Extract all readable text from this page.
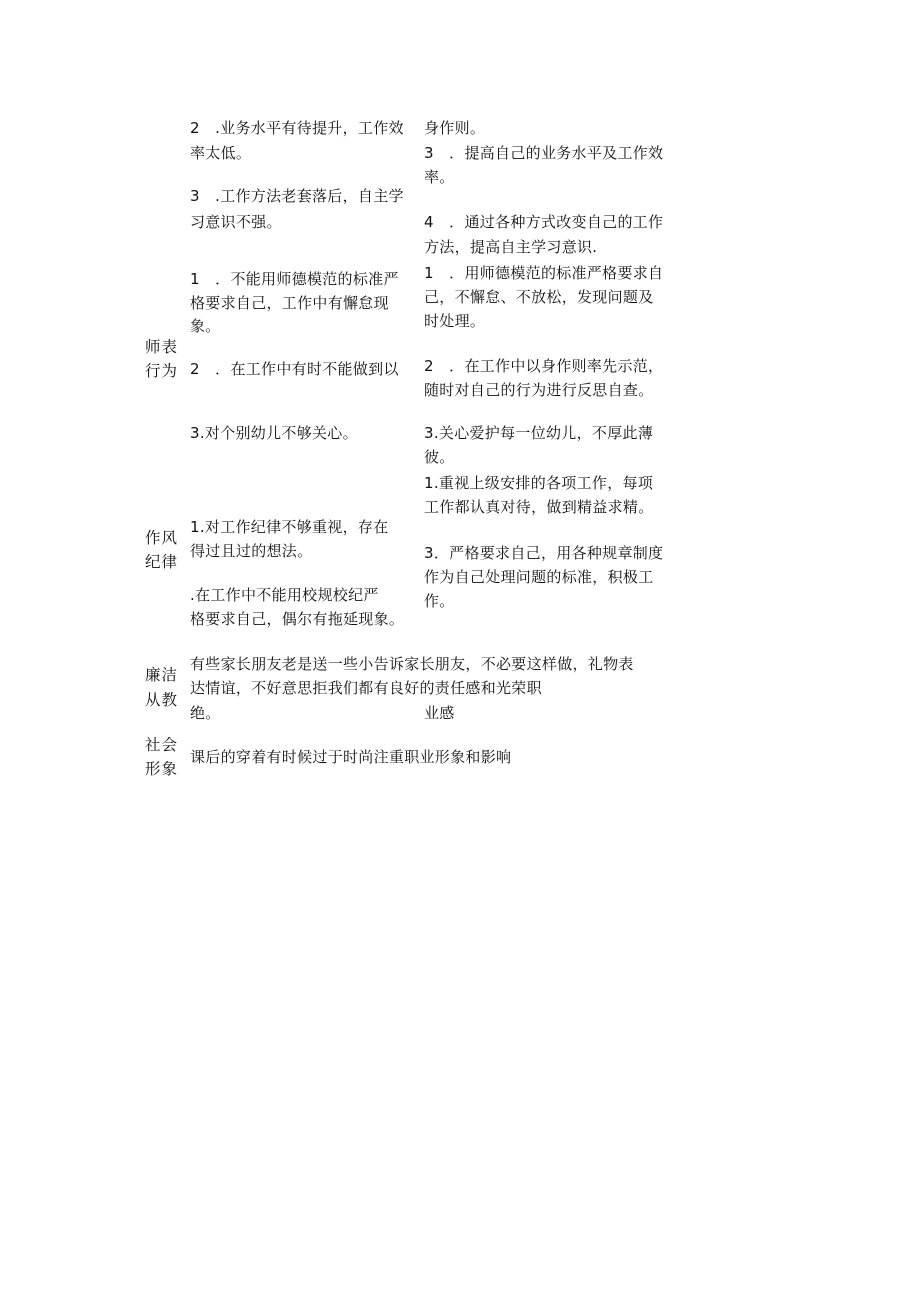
2　.业务水平有待提升，工作效
率太低。
3　.工作方法老套落后，自主学
习意识不强。
身作则。
3　．提高自己的业务水平及工作效
率。
4　．通过各种方式改变自己的工作
方法，提高自主学习意识.
师表
行为
1　．不能用师德模范的标准严
格要求自己，工作中有懈怠现
象。
2　．在工作中有时不能做到以
3.对个别幼儿不够关心。
1　．用师德模范的标准严格要求自
己，不懈怠、不放松，发现问题及
时处理。
2　．在工作中以身作则率先示范，
随时对自己的行为进行反思自查。
3.关心爱护每一位幼儿，不厚此薄
彼。
作风
纪律
1.对工作纪律不够重视，存在
得过且过的想法。
.在工作中不能用校规校纪严
格要求自己，偶尔有拖延现象。
1.重视上级安排的各项工作，每项
工作都认真对待，做到精益求精。
3．严格要求自己，用各种规章制度
作为自己处理问题的标准，积极工
作。
廉洁
从教
有些家长朋友老是送一些小告诉家长朋友，不必要这样做，礼物表
达情谊，不好意思拒我们都有良好的责任感和光荣职
绝。	业感
社会
形象
课后的穿着有时候过于时尚注重职业形象和影响
